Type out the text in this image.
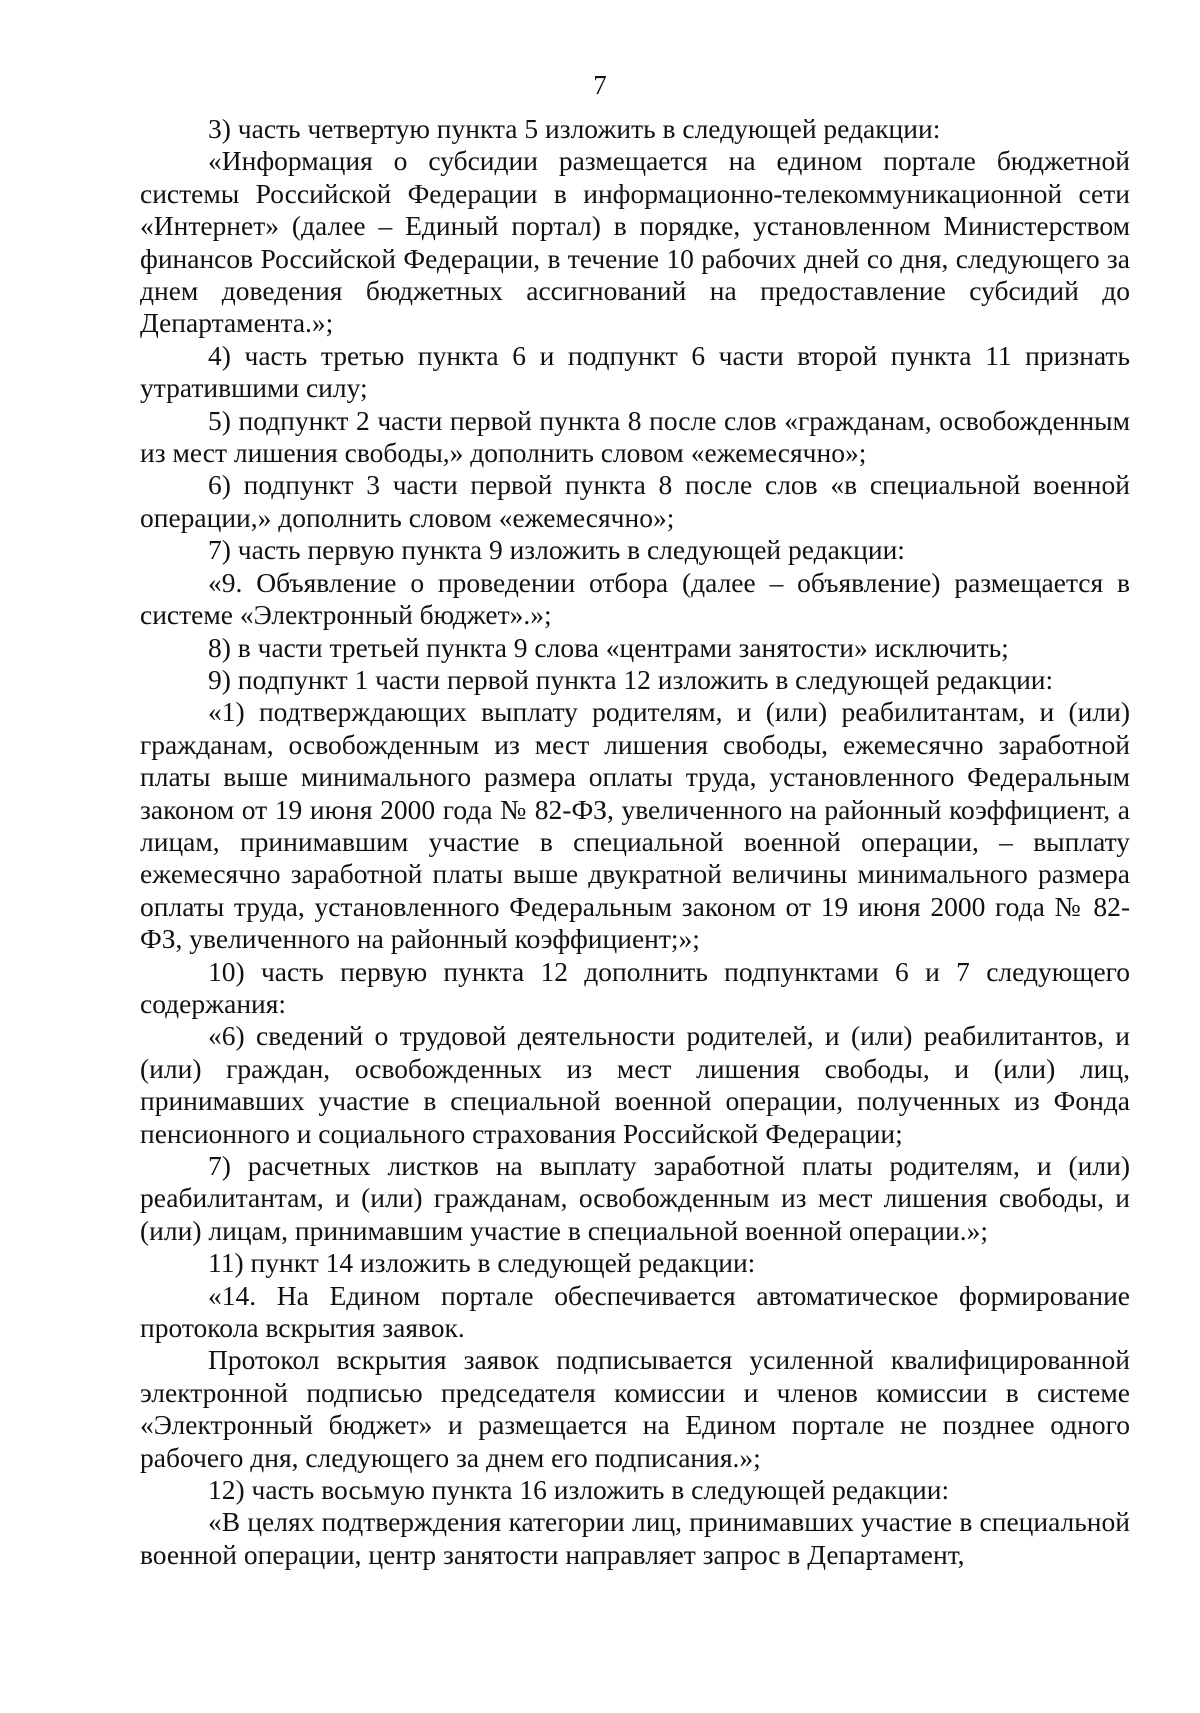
7

3) часть четвертую пункта 5 изложить в следующей редакции:

«Информация о субсидии размещается на едином портале бюджетной системы Российской Федерации в информационно-телекоммуникационной сети «Интернет» (далее – Единый портал) в порядке, установленном Министерством финансов Российской Федерации, в течение 10 рабочих дней со дня, следующего за днем доведения бюджетных ассигнований на предоставление субсидий до Департамента.»;

4) часть третью пункта 6 и подпункт 6 части второй пункта 11 признать утратившими силу;

5) подпункт 2 части первой пункта 8 после слов «гражданам, освобожденным из мест лишения свободы,» дополнить словом «ежемесячно»;

6) подпункт 3 части первой пункта 8 после слов «в специальной военной операции,» дополнить словом «ежемесячно»;

7) часть первую пункта 9 изложить в следующей редакции:

«9. Объявление о проведении отбора (далее – объявление) размещается в системе «Электронный бюджет».»;

8) в части третьей пункта 9 слова «центрами занятости» исключить;

9) подпункт 1 части первой пункта 12 изложить в следующей редакции:

«1) подтверждающих выплату родителям, и (или) реабилитантам, и (или) гражданам, освобожденным из мест лишения свободы, ежемесячно заработной платы выше минимального размера оплаты труда, установленного Федеральным законом от 19 июня 2000 года № 82-ФЗ, увеличенного на районный коэффициент, а лицам, принимавшим участие в специальной военной операции, – выплату ежемесячно заработной платы выше двукратной величины минимального размера оплаты труда, установленного Федеральным законом от 19 июня 2000 года № 82-ФЗ, увеличенного на районный коэффициент;»;

10) часть первую пункта 12 дополнить подпунктами 6 и 7 следующего содержания:

«6) сведений о трудовой деятельности родителей, и (или) реабилитантов, и (или) граждан, освобожденных из мест лишения свободы, и (или) лиц, принимавших участие в специальной военной операции, полученных из Фонда пенсионного и социального страхования Российской Федерации;

7) расчетных листков на выплату заработной платы родителям, и (или) реабилитантам, и (или) гражданам, освобожденным из мест лишения свободы, и (или) лицам, принимавшим участие в специальной военной операции.»;

11) пункт 14 изложить в следующей редакции:

«14. На Едином портале обеспечивается автоматическое формирование протокола вскрытия заявок.

Протокол вскрытия заявок подписывается усиленной квалифицированной электронной подписью председателя комиссии и членов комиссии в системе «Электронный бюджет» и размещается на Едином портале не позднее одного рабочего дня, следующего за днем его подписания.»;

12) часть восьмую пункта 16 изложить в следующей редакции:

«В целях подтверждения категории лиц, принимавших участие в специальной военной операции, центр занятости направляет запрос в Департамент,
